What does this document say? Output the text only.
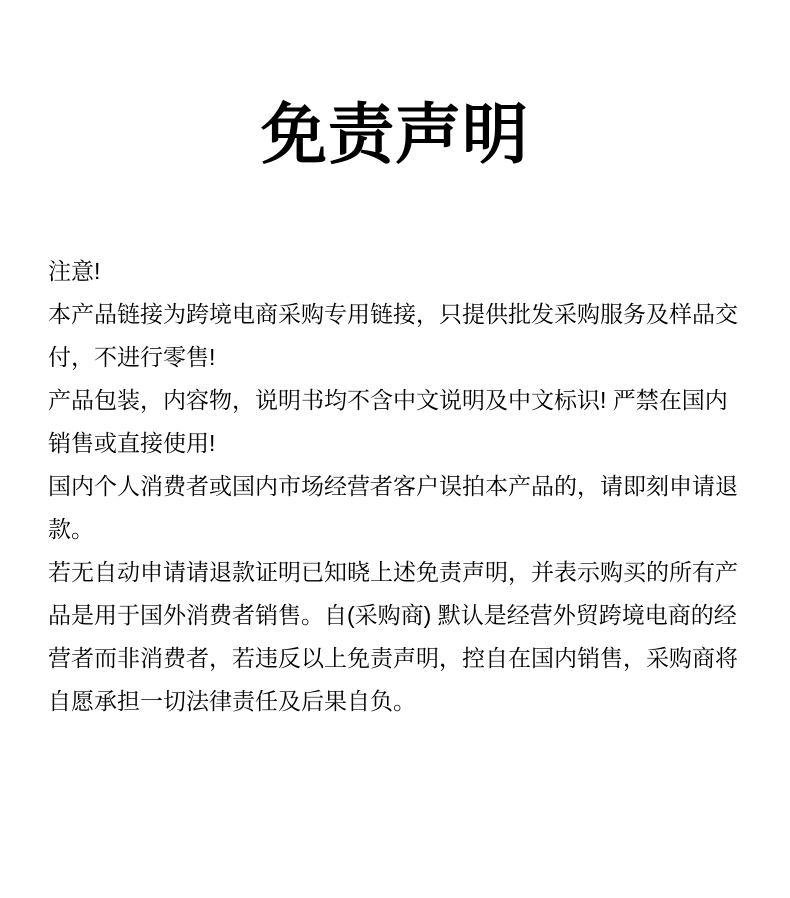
免责声明

注意!

本产品链接为跨境电商采购专用链接，只提供批发采购服务及样品交付，不进行零售!

产品包装，内容物，说明书均不含中文说明及中文标识! 严禁在国内销售或直接使用!

国内个人消费者或国内市场经营者客户误拍本产品的，请即刻申请退款。

若无自动申请请退款证明已知晓上述免责声明，并表示购买的所有产品是用于国外消费者销售。自(采购商) 默认是经营外贸跨境电商的经营者而非消费者，若违反以上免责声明，控自在国内销售，采购商将自愿承担一切法律责任及后果自负。
